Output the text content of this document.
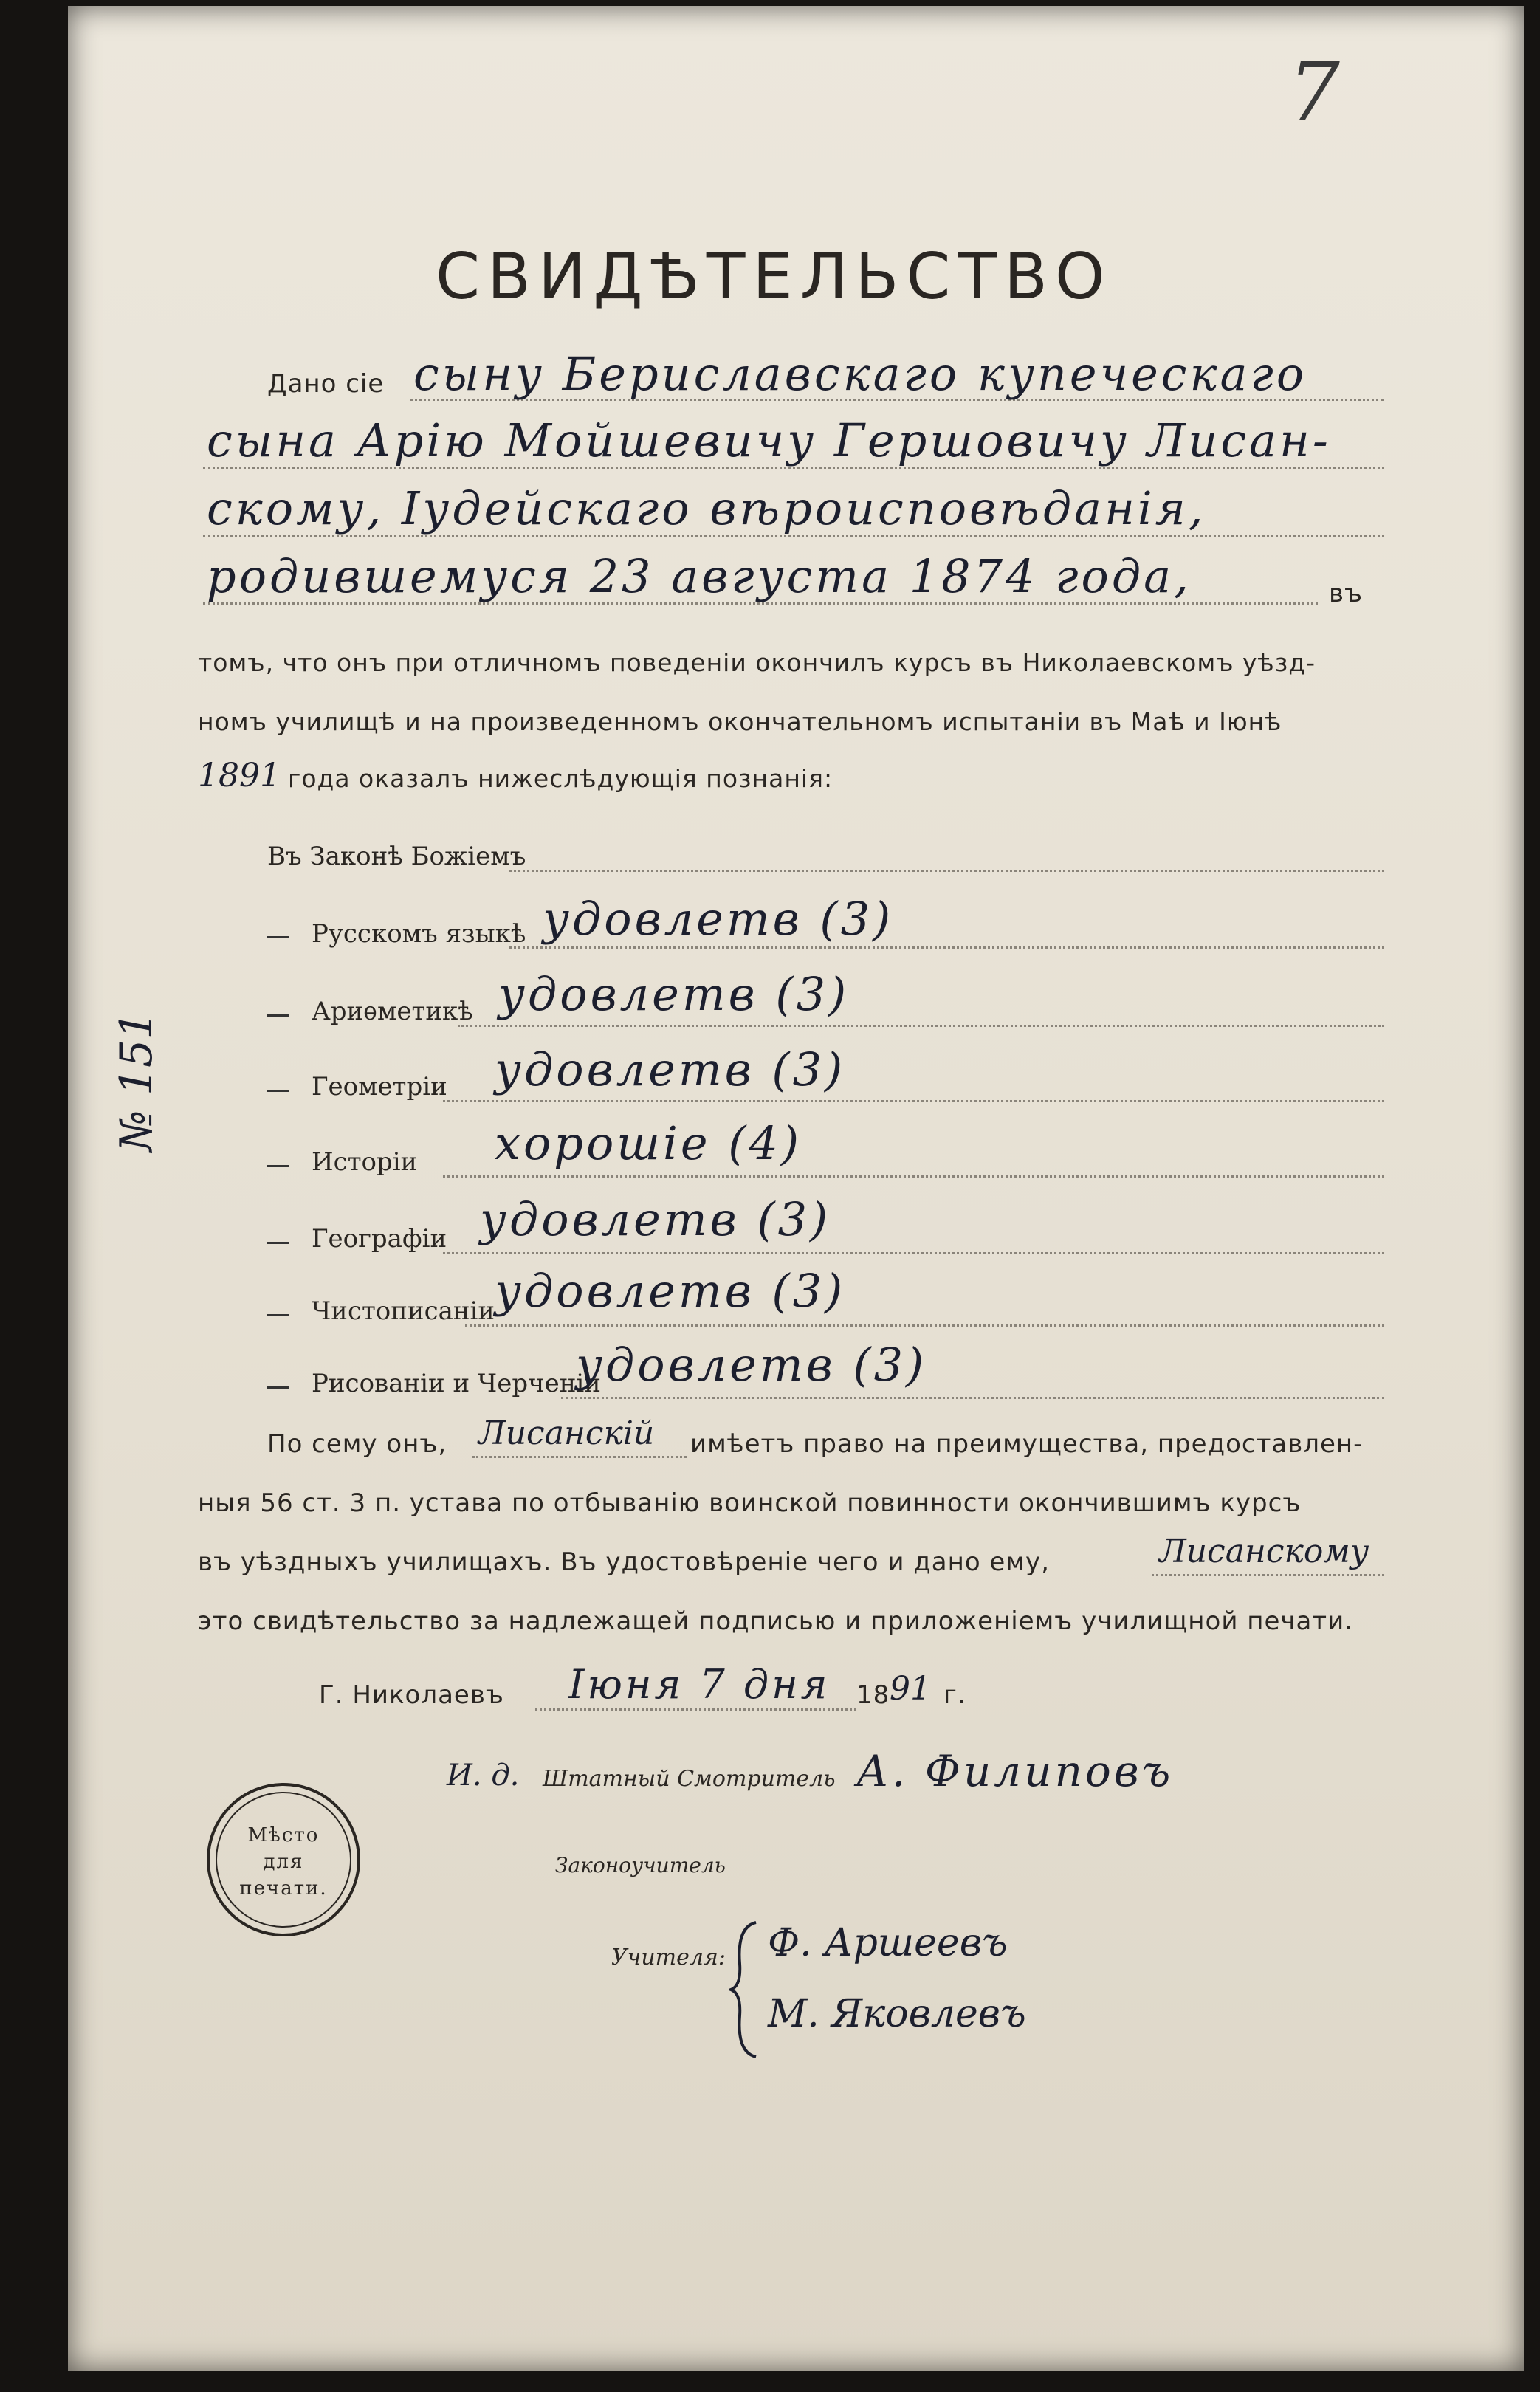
7
СВИДѢТЕЛЬСТВО
Дано сiе сыну Бериславскаго купеческаго
сына Арію Мойшевичу Гершовичу Лисан-
скому, Іудейскаго вѣроисповѣданія,
родившемуся 23 августа 1874 года,	въ
томъ, что онъ при отличномъ поведенiи окончилъ курсъ въ Николаевскомъ уѣзд-
номъ училищѣ и на произведенномъ окончательномъ испытанiи въ Маѣ и Iюнѣ
1891 года оказалъ нижеслѣдующiя познанiя:
Въ Законѣ Божiемъ
Русскомъ языкѣ удовлетв (3)
Ариѳметикѣ удовлетв (3)
Геометрiи удовлетв (3)
Исторiи хорошіе (4)
Географiи удовлетв (3)
Чистописанiи удовлетв (3)
Рисованiи и Черченiи
удовлетв (3)
№ 151
По сему онъ, Лисанскій имѣетъ право на преимущества, предоставлен-
ныя 56 ст. 3 п. устава по отбыванiю воинской повинности окончившимъ курсъ
въ уѣздныхъ училищахъ. Въ удостовѣренiе чего и дано ему,	Лисанскому
это свидѣтельство за надлежащей подписью и приложенiемъ училищной печати.
Г. Николаевъ Iюня 7 дня 18 91 г.
И. д. Штатный Смотритель А. Филиповъ
Законоучитель
Учителя: Ф. Аршеевъ
М. Яковлевъ
Мѣсто
для
печати.
